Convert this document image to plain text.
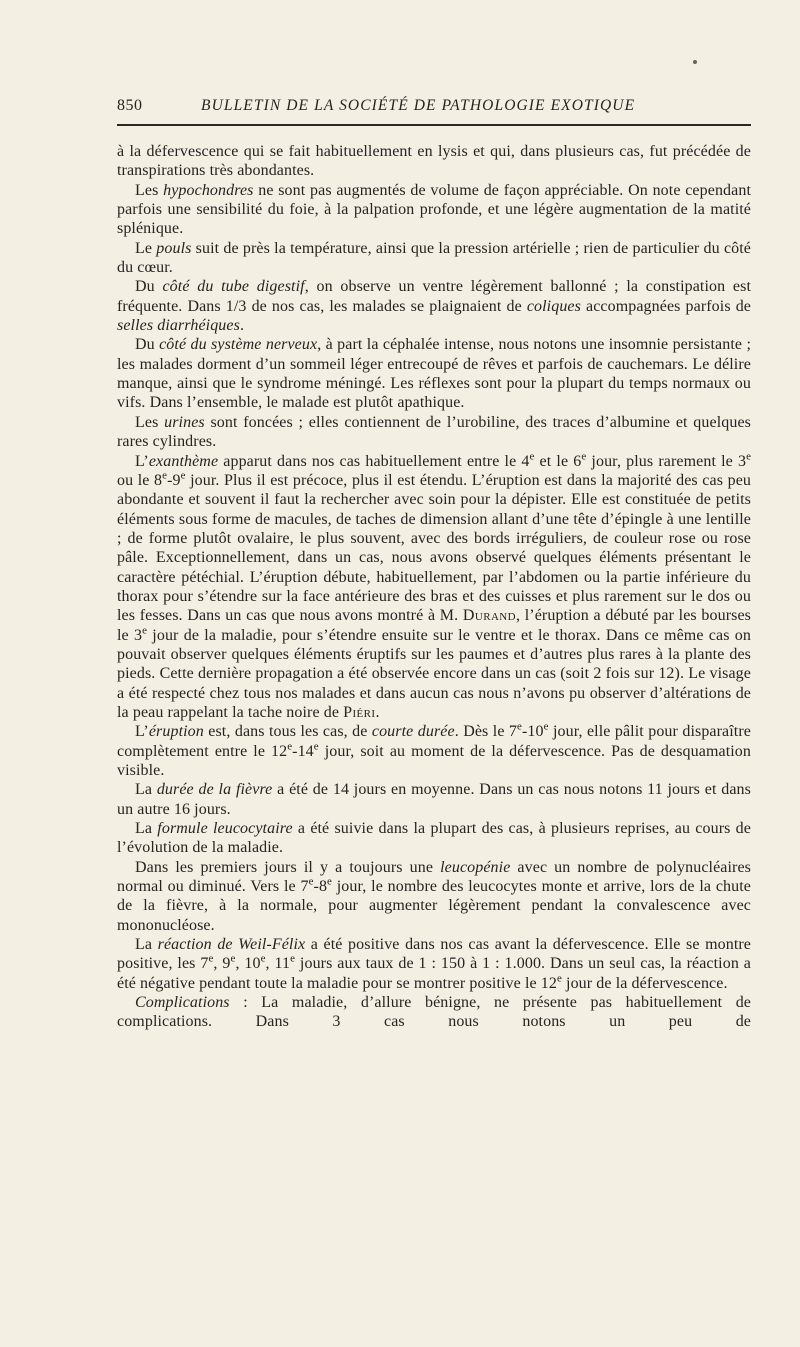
850	BULLETIN DE LA SOCIÉTÉ DE PATHOLOGIE EXOTIQUE

à la défervescence qui se fait habituellement en lysis et qui, dans plusieurs cas, fut précédée de transpirations très abondantes.

Les hypochondres ne sont pas augmentés de volume de façon appréciable. On note cependant parfois une sensibilité du foie, à la palpation profonde, et une légère augmentation de la matité splénique.

Le pouls suit de près la température, ainsi que la pression artérielle ; rien de particulier du côté du cœur.

Du côté du tube digestif, on observe un ventre légèrement ballonné ; la constipation est fréquente. Dans 1/3 de nos cas, les malades se plaignaient de coliques accompagnées parfois de selles diarrhéiques.

Du côté du système nerveux, à part la céphalée intense, nous notons une insomnie persistante ; les malades dorment d’un sommeil léger entrecoupé de rêves et parfois de cauchemars. Le délire manque, ainsi que le syndrome méningé. Les réflexes sont pour la plupart du temps normaux ou vifs. Dans l’ensemble, le malade est plutôt apathique.

Les urines sont foncées ; elles contiennent de l’urobiline, des traces d’albumine et quelques rares cylindres.

L’exanthème apparut dans nos cas habituellement entre le 4e et le 6e jour, plus rarement le 3e ou le 8e-9e jour. Plus il est précoce, plus il est étendu. L’éruption est dans la majorité des cas peu abondante et souvent il faut la rechercher avec soin pour la dépister. Elle est constituée de petits éléments sous forme de macules, de taches de dimension allant d’une tête d’épingle à une lentille ; de forme plutôt ovalaire, le plus souvent, avec des bords irréguliers, de couleur rose ou rose pâle. Exceptionnellement, dans un cas, nous avons observé quelques éléments présentant le caractère pétéchial. L’éruption débute, habituellement, par l’abdomen ou la partie inférieure du thorax pour s’étendre sur la face antérieure des bras et des cuisses et plus rarement sur le dos ou les fesses. Dans un cas que nous avons montré à M. Durand, l’éruption a débuté par les bourses le 3e jour de la maladie, pour s’étendre ensuite sur le ventre et le thorax. Dans ce même cas on pouvait observer quelques éléments éruptifs sur les paumes et d’autres plus rares à la plante des pieds. Cette dernière propagation a été observée encore dans un cas (soit 2 fois sur 12). Le visage a été respecté chez tous nos malades et dans aucun cas nous n’avons pu observer d’altérations de la peau rappelant la tache noire de Piéri.

L’éruption est, dans tous les cas, de courte durée. Dès le 7e-10e jour, elle pâlit pour disparaître complètement entre le 12e-14e jour, soit au moment de la défervescence. Pas de desquamation visible.

La durée de la fièvre a été de 14 jours en moyenne. Dans un cas nous notons 11 jours et dans un autre 16 jours.

La formule leucocytaire a été suivie dans la plupart des cas, à plusieurs reprises, au cours de l’évolution de la maladie.

Dans les premiers jours il y a toujours une leucopénie avec un nombre de polynucléaires normal ou diminué. Vers le 7e-8e jour, le nombre des leucocytes monte et arrive, lors de la chute de la fièvre, à la normale, pour augmenter légèrement pendant la convalescence avec mononucléose.

La réaction de Weil-Félix a été positive dans nos cas avant la défervescence. Elle se montre positive, les 7e, 9e, 10e, 11e jours aux taux de 1 : 150 à 1 : 1.000. Dans un seul cas, la réaction a été négative pendant toute la maladie pour se montrer positive le 12e jour de la défervescence.

Complications : La maladie, d’allure bénigne, ne présente pas habituellement de complications. Dans 3 cas nous notons un peu de
